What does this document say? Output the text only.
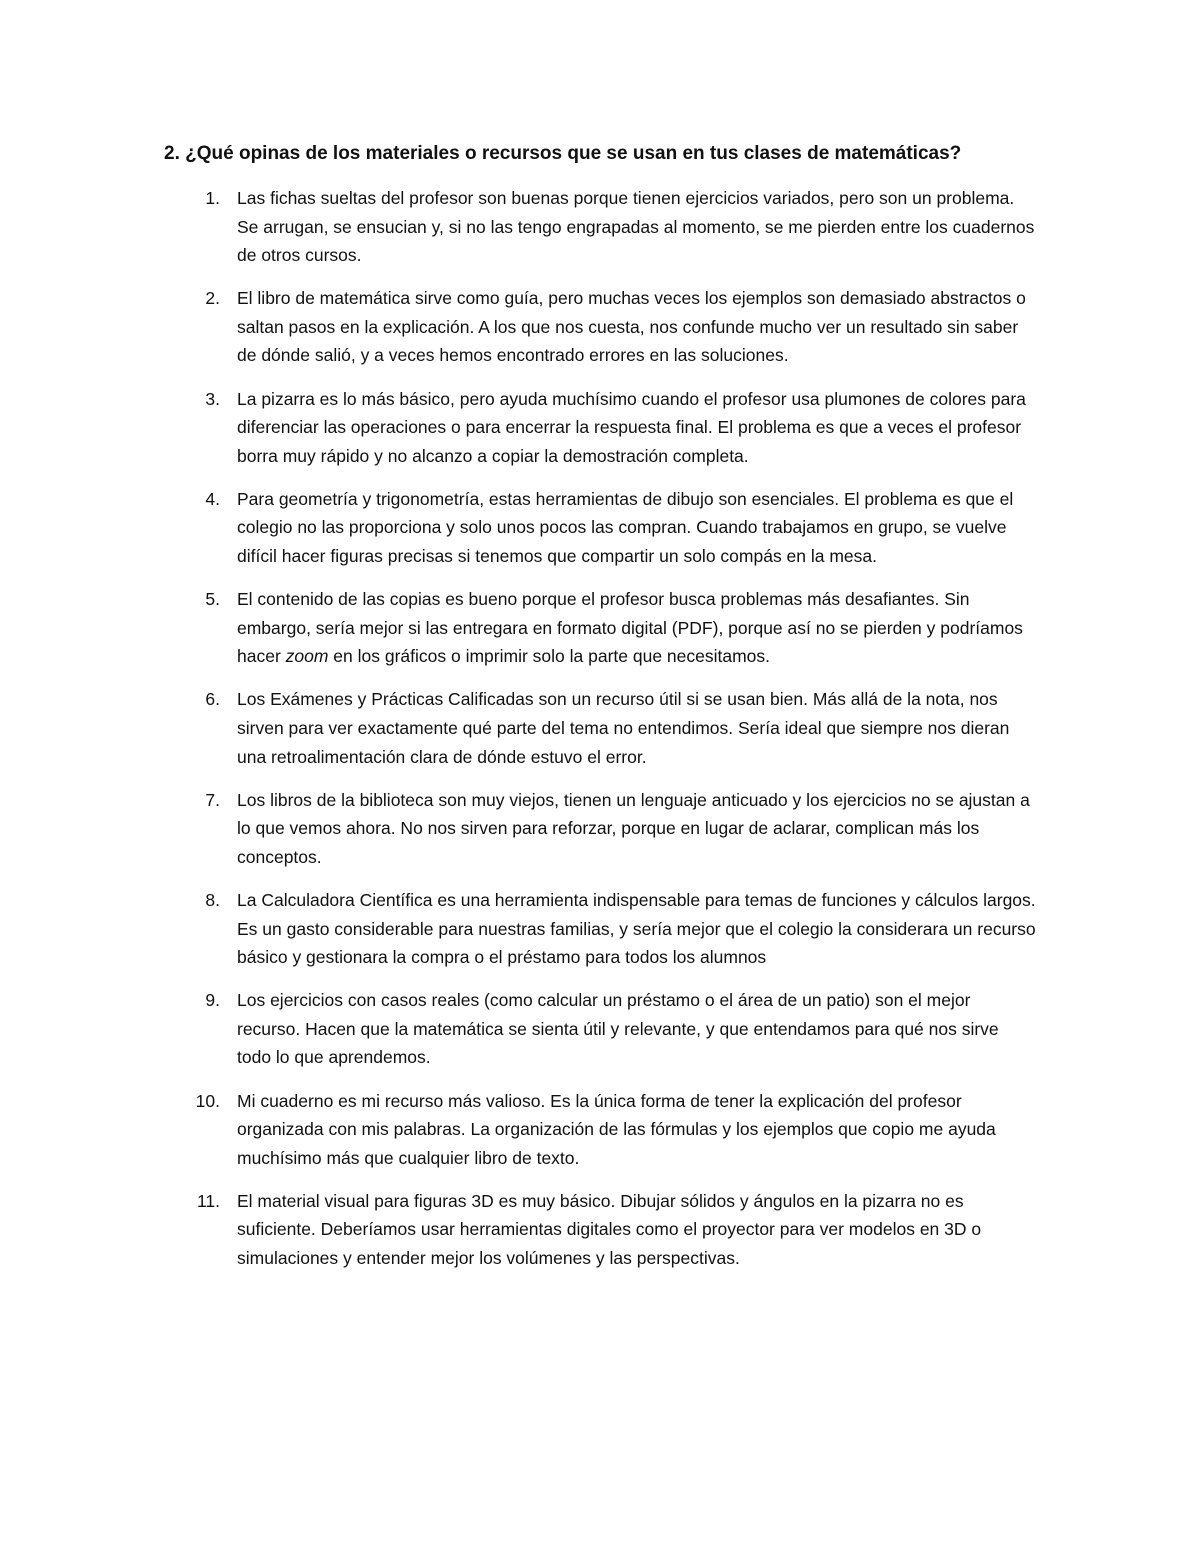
2. ¿Qué opinas de los materiales o recursos que se usan en tus clases de matemáticas?

1. Las fichas sueltas del profesor son buenas porque tienen ejercicios variados, pero son un problema. Se arrugan, se ensucian y, si no las tengo engrapadas al momento, se me pierden entre los cuadernos de otros cursos.
2. El libro de matemática sirve como guía, pero muchas veces los ejemplos son demasiado abstractos o saltan pasos en la explicación. A los que nos cuesta, nos confunde mucho ver un resultado sin saber de dónde salió, y a veces hemos encontrado errores en las soluciones.
3. La pizarra es lo más básico, pero ayuda muchísimo cuando el profesor usa plumones de colores para diferenciar las operaciones o para encerrar la respuesta final. El problema es que a veces el profesor borra muy rápido y no alcanzo a copiar la demostración completa.
4. Para geometría y trigonometría, estas herramientas de dibujo son esenciales. El problema es que el colegio no las proporciona y solo unos pocos las compran. Cuando trabajamos en grupo, se vuelve difícil hacer figuras precisas si tenemos que compartir un solo compás en la mesa.
5. El contenido de las copias es bueno porque el profesor busca problemas más desafiantes. Sin embargo, sería mejor si las entregara en formato digital (PDF), porque así no se pierden y podríamos hacer zoom en los gráficos o imprimir solo la parte que necesitamos.
6. Los Exámenes y Prácticas Calificadas son un recurso útil si se usan bien. Más allá de la nota, nos sirven para ver exactamente qué parte del tema no entendimos. Sería ideal que siempre nos dieran una retroalimentación clara de dónde estuvo el error.
7. Los libros de la biblioteca son muy viejos, tienen un lenguaje anticuado y los ejercicios no se ajustan a lo que vemos ahora. No nos sirven para reforzar, porque en lugar de aclarar, complican más los conceptos.
8. La Calculadora Científica es una herramienta indispensable para temas de funciones y cálculos largos. Es un gasto considerable para nuestras familias, y sería mejor que el colegio la considerara un recurso básico y gestionara la compra o el préstamo para todos los alumnos
9. Los ejercicios con casos reales (como calcular un préstamo o el área de un patio) son el mejor recurso. Hacen que la matemática se sienta útil y relevante, y que entendamos para qué nos sirve todo lo que aprendemos.
10. Mi cuaderno es mi recurso más valioso. Es la única forma de tener la explicación del profesor organizada con mis palabras. La organización de las fórmulas y los ejemplos que copio me ayuda muchísimo más que cualquier libro de texto.
11. El material visual para figuras 3D es muy básico. Dibujar sólidos y ángulos en la pizarra no es suficiente. Deberíamos usar herramientas digitales como el proyector para ver modelos en 3D o simulaciones y entender mejor los volúmenes y las perspectivas.
